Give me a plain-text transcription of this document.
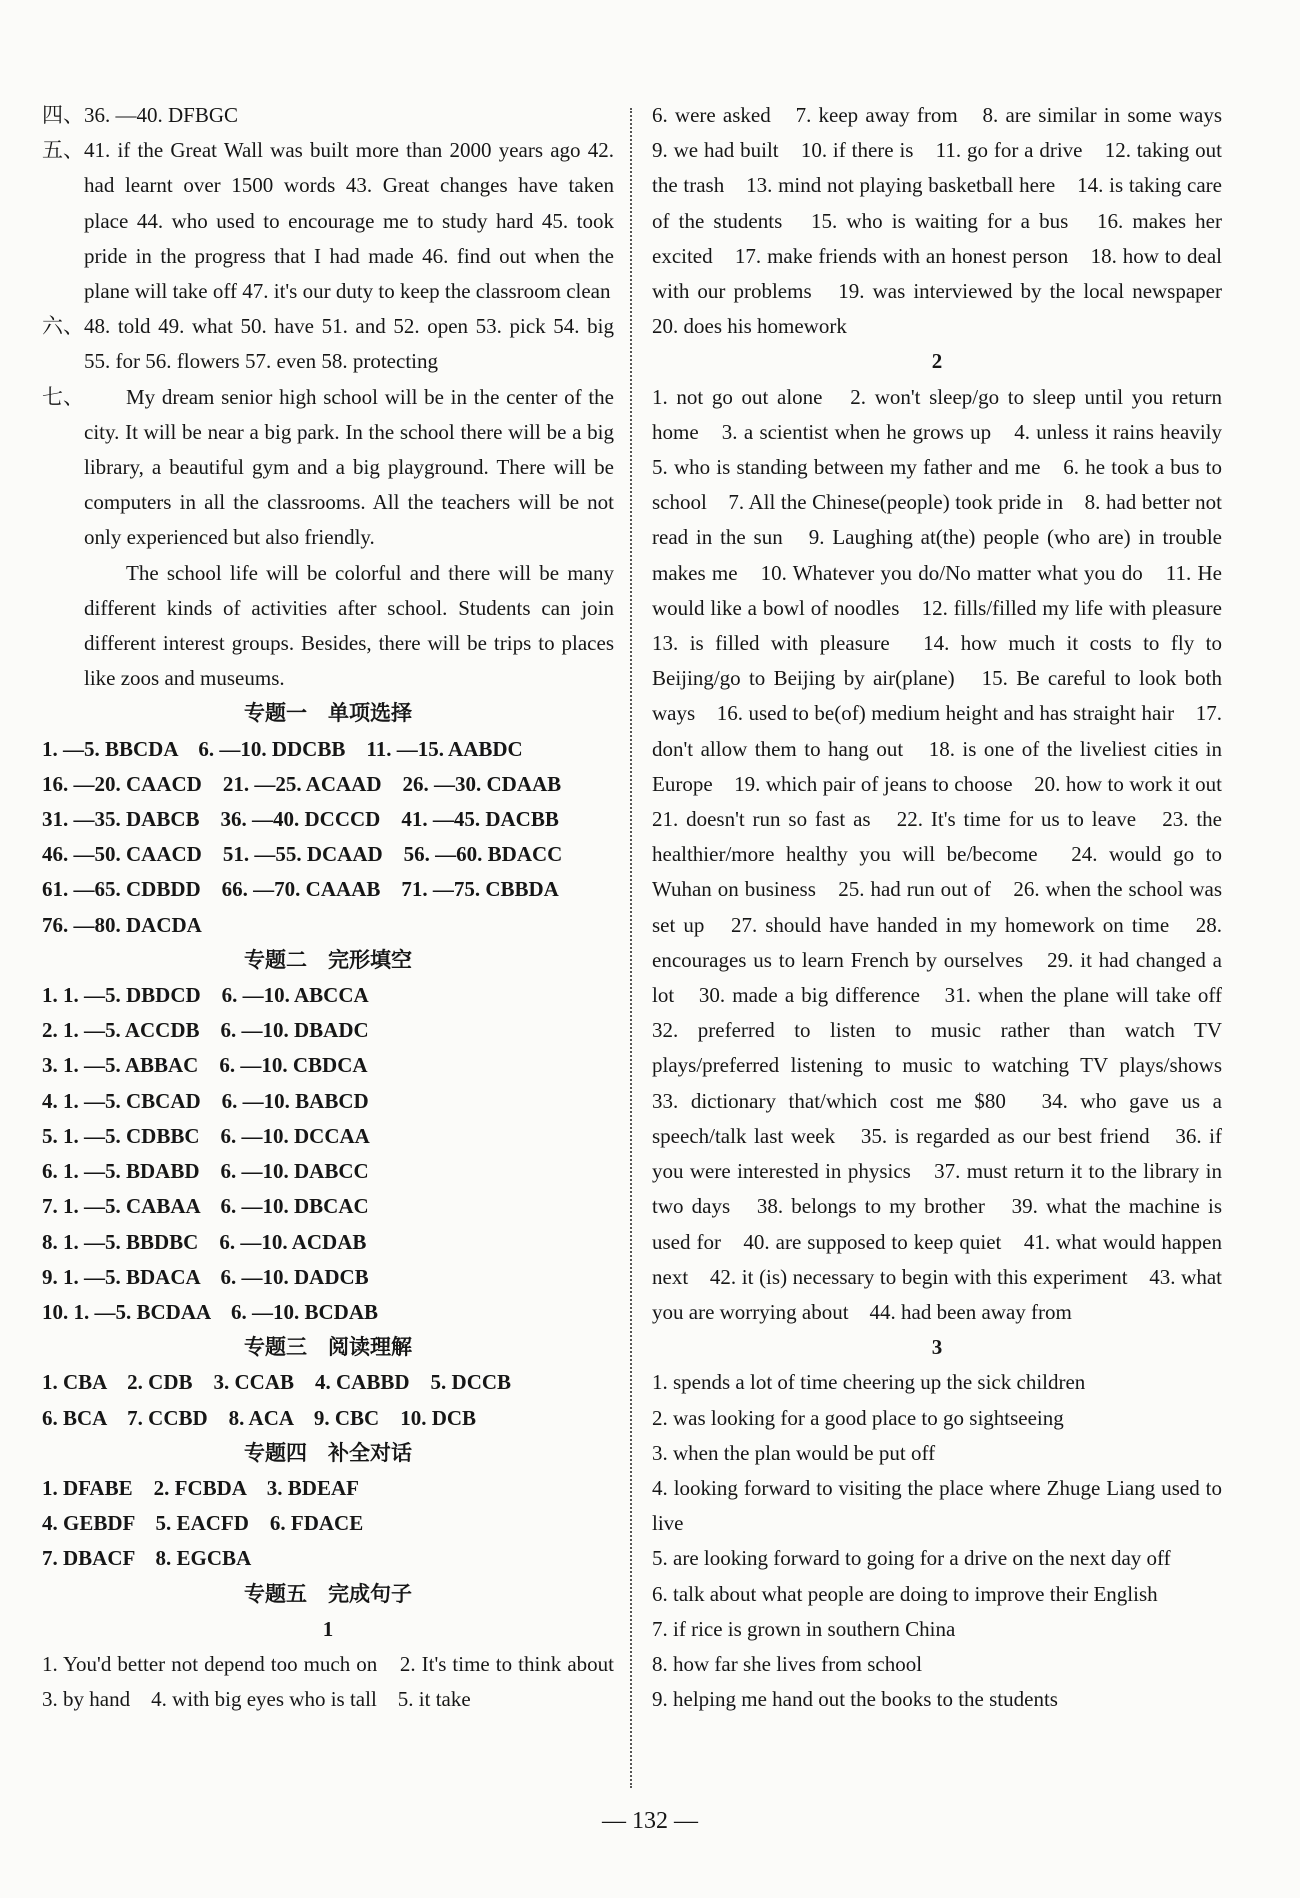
四、36. —40. DFBGC

五、 41. if the Great Wall was built more than 2000 years ago 42. had learnt over 1500 words 43. Great changes have taken place 44. who used to encourage me to study hard 45. took pride in the progress that I had made 46. find out when the plane will take off 47. it's our duty to keep the classroom clean
六、 48. told 49. what 50. have 51. and 52. open 53. pick 54. big 55. for 56. flowers 57. even 58. protecting
七、	My dream senior high school will be in the center of the city. It will be near a big park. In the school there will be a big library, a beautiful gym and a big playground. There will be computers in all the classrooms. All the teachers will be not only experienced but also friendly.

The school life will be colorful and there will be many different kinds of activities after school. Students can join different interest groups. Besides, there will be trips to places like zoos and museums.

专题一　单项选择

1. —5. BBCDA　6. —10. DDCBB　11. —15. AABDC

16. —20. CAACD　21. —25. ACAAD　26. —30. CDAAB

31. —35. DABCB　36. —40. DCCCD　41. —45. DACBB

46. —50. CAACD　51. —55. DCAAD　56. —60. BDACC

61. —65. CDBDD　66. —70. CAAAB　71. —75. CBBDA

76. —80. DACDA

专题二　完形填空

1. 1. —5. DBDCD　6. —10. ABCCA

2. 1. —5. ACCDB　6. —10. DBADC

3. 1. —5. ABBAC　6. —10. CBDCA

4. 1. —5. CBCAD　6. —10. BABCD

5. 1. —5. CDBBC　6. —10. DCCAA

6. 1. —5. BDABD　6. —10. DABCC

7. 1. —5. CABAA　6. —10. DBCAC

8. 1. —5. BBDBC　6. —10. ACDAB

9. 1. —5. BDACA　6. —10. DADCB

10. 1. —5. BCDAA　6. —10. BCDAB

专题三　阅读理解

1. CBA　2. CDB　3. CCAB　4. CABBD　5. DCCB

6. BCA　7. CCBD　8. ACA　9. CBC　10. DCB

专题四　补全对话

1. DFABE　2. FCBDA　3. BDEAF

4. GEBDF　5. EACFD　6. FDACE

7. DBACF　8. EGCBA

专题五　完成句子

1

1. You'd better not depend too much on　2. It's time to think about　3. by hand　4. with big eyes who is tall　5. it take

6. were asked　7. keep away from　8. are similar in some ways　9. we had built　10. if there is　11. go for a drive　12. taking out the trash　13. mind not playing basketball here　14. is taking care of the students　15. who is waiting for a bus　16. makes her excited　17. make friends with an honest person　18. how to deal with our problems　19. was interviewed by the local newspaper　20. does his homework

2

1. not go out alone　2. won't sleep/go to sleep until you return home　3. a scientist when he grows up　4. unless it rains heavily　5. who is standing between my father and me　6. he took a bus to school　7. All the Chinese(people) took pride in　8. had better not read in the sun　9. Laughing at(the) people (who are) in trouble makes me　10. Whatever you do/No matter what you do　11. He would like a bowl of noodles　12. fills/filled my life with pleasure　13. is filled with pleasure　14. how much it costs to fly to Beijing/go to Beijing by air(plane)　15. Be careful to look both ways　16. used to be(of) medium height and has straight hair　17. don't allow them to hang out　18. is one of the liveliest cities in Europe　19. which pair of jeans to choose　20. how to work it out　21. doesn't run so fast as　22. It's time for us to leave　23. the healthier/more healthy you will be/become　24. would go to Wuhan on business　25. had run out of　26. when the school was set up　27. should have handed in my homework on time　28. encourages us to learn French by ourselves　29. it had changed a lot　30. made a big difference　31. when the plane will take off　32. preferred to listen to music rather than watch TV plays/preferred listening to music to watching TV plays/shows　33. dictionary that/which cost me $80　34. who gave us a speech/talk last week　35. is regarded as our best friend　36. if you were interested in physics　37. must return it to the library in two days　38. belongs to my brother　39. what the machine is used for　40. are supposed to keep quiet　41. what would happen next　42. it (is) necessary to begin with this experiment　43. what you are worrying about　44. had been away from

3

1. spends a lot of time cheering up the sick children

2. was looking for a good place to go sightseeing

3. when the plan would be put off

4. looking forward to visiting the place where Zhuge Liang used to live

5. are looking forward to going for a drive on the next day off

6. talk about what people are doing to improve their English

7. if rice is grown in southern China

8. how far she lives from school

9. helping me hand out the books to the students

— 132 —
